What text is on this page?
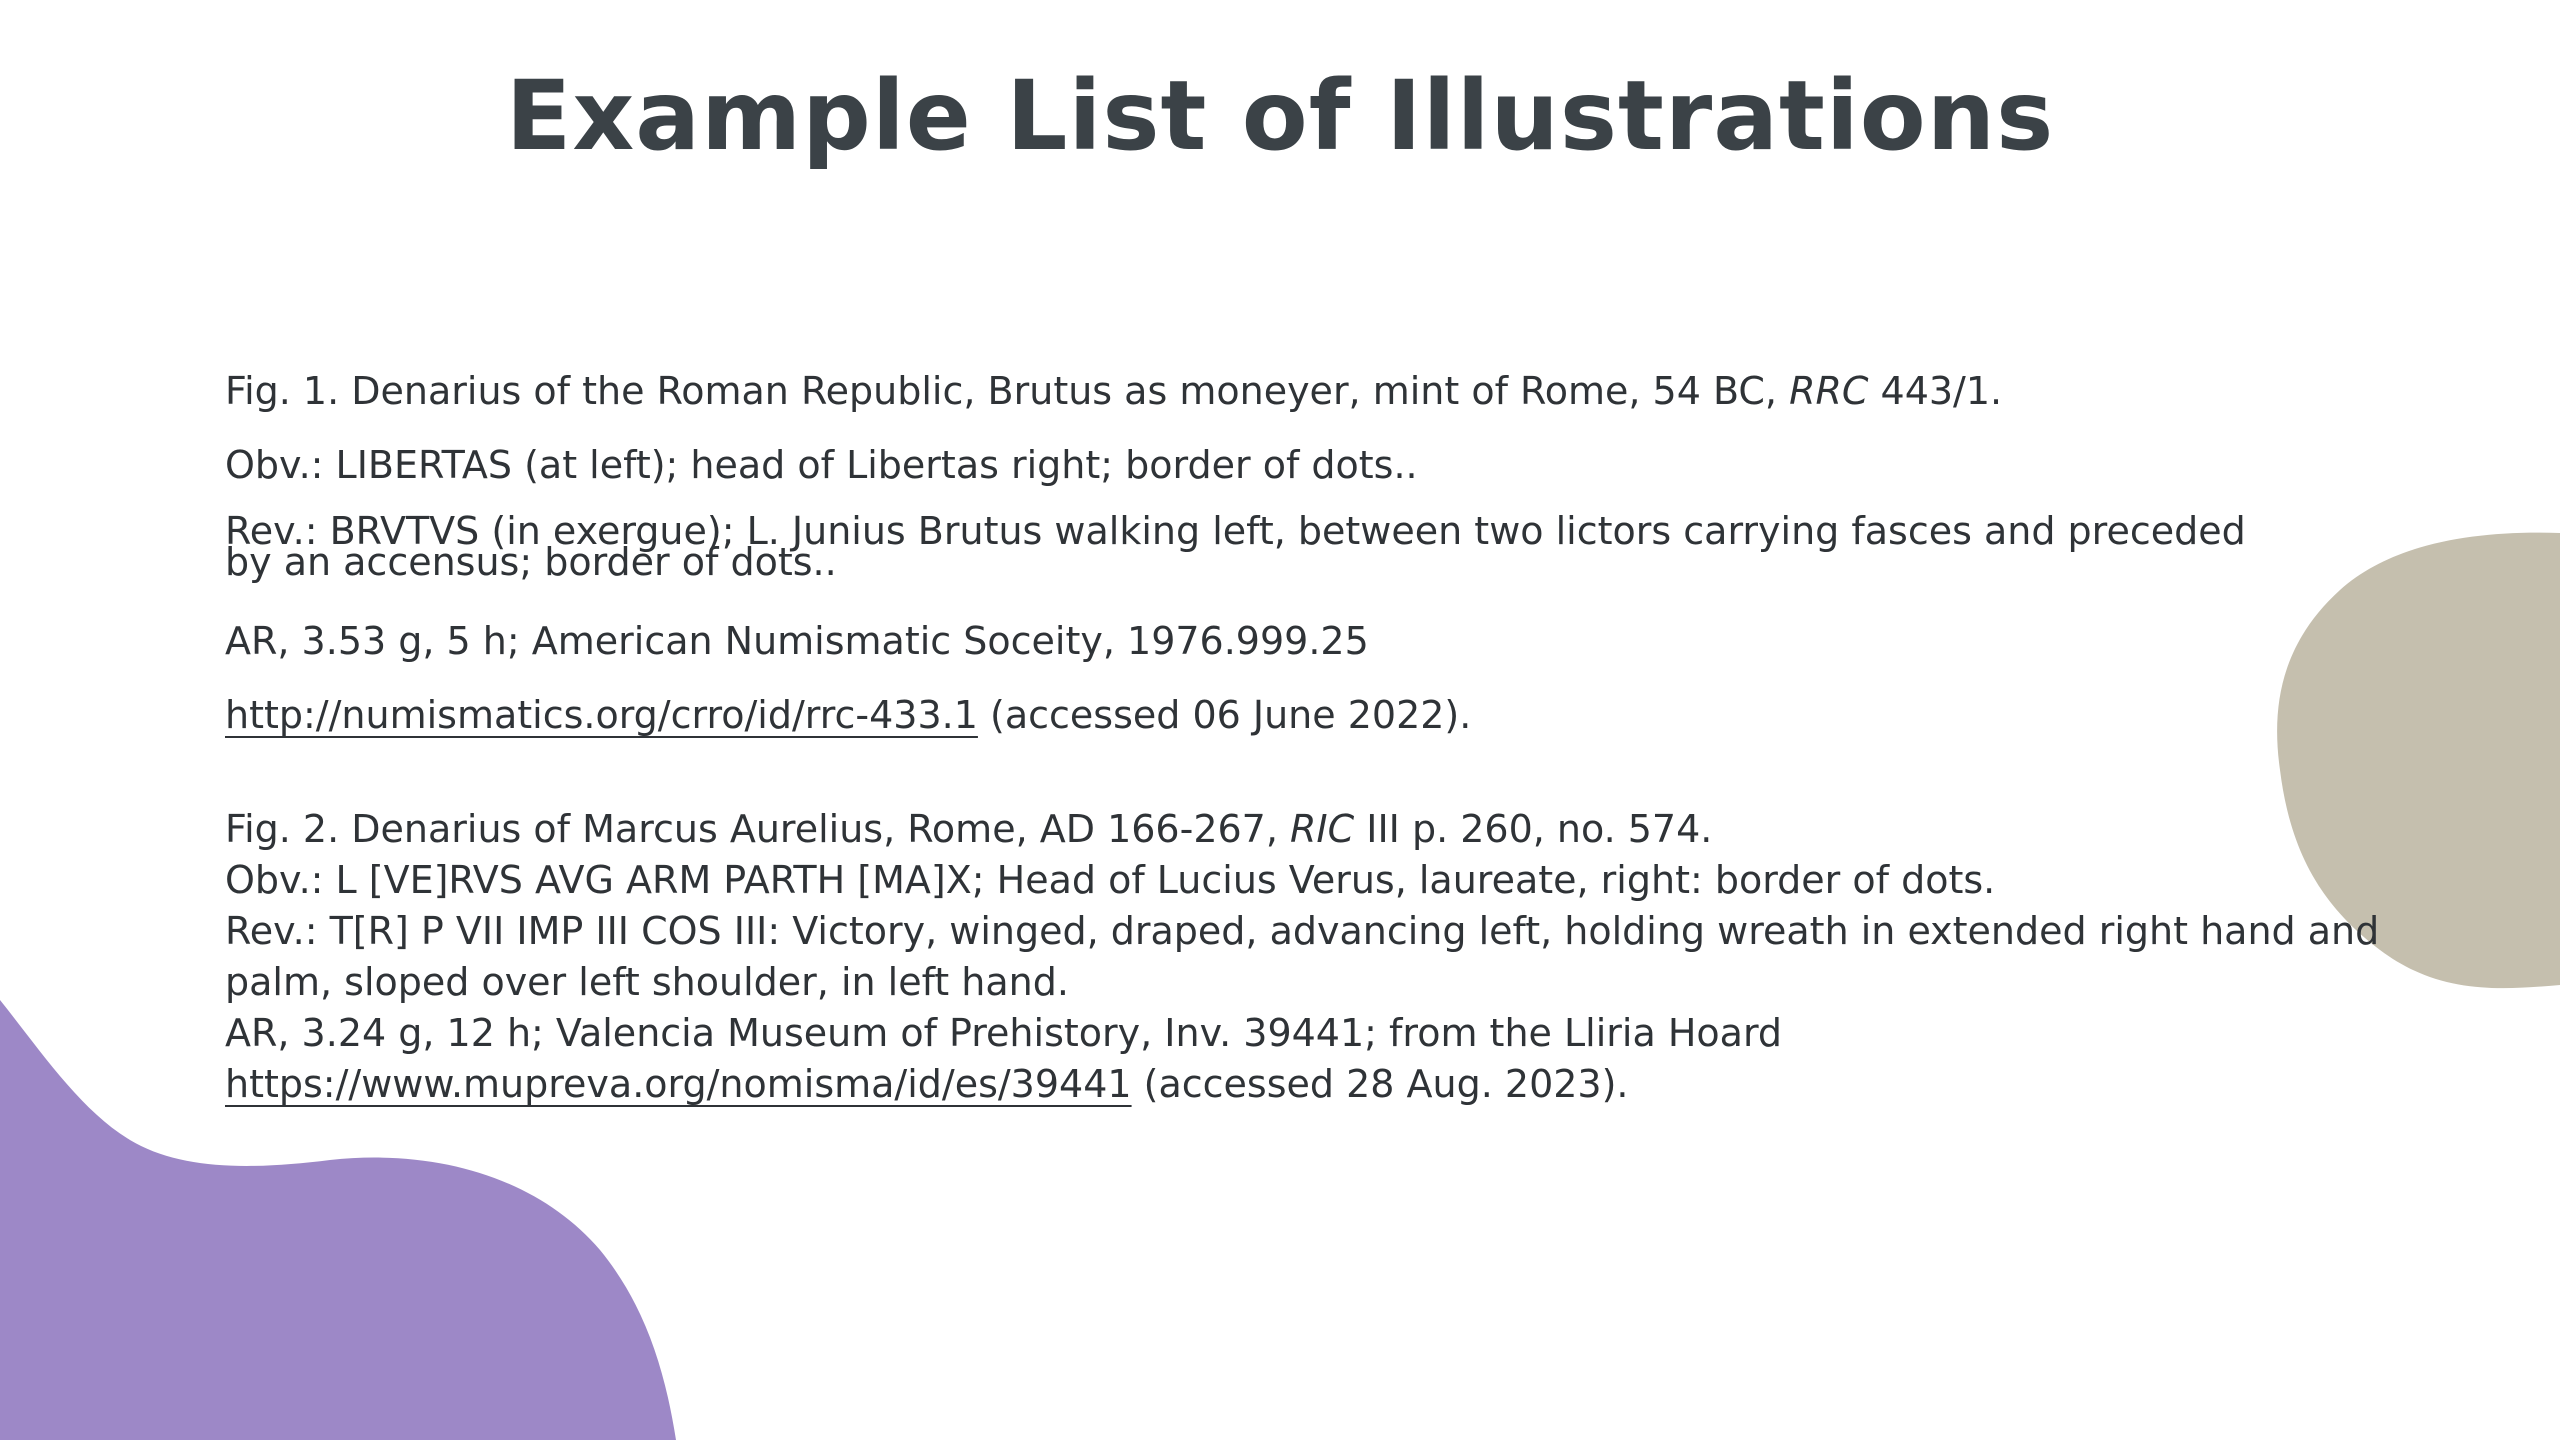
Example List of Illustrations
Fig. 1. Denarius of the Roman Republic, Brutus as moneyer, mint of Rome, 54 BC, RRC 443/1.
Obv.: LIBERTAS (at left); head of Libertas right; border of dots..
Rev.: BRVTVS (in exergue); L. Junius Brutus walking left, between two lictors carrying fasces and preceded
by an accensus; border of dots..
AR, 3.53 g, 5 h; American Numismatic Soceity, 1976.999.25
http://numismatics.org/crro/id/rrc-433.1 (accessed 06 June 2022).
Fig. 2. Denarius of Marcus Aurelius, Rome, AD 166-267, RIC III p. 260, no. 574.
Obv.: L [VE]RVS AVG ARM PARTH [MA]X; Head of Lucius Verus, laureate, right: border of dots.
Rev.: T[R] P VII IMP III COS III: Victory, winged, draped, advancing left, holding wreath in extended right hand and
palm, sloped over left shoulder, in left hand.
AR, 3.24 g, 12 h; Valencia Museum of Prehistory, Inv. 39441; from the Lliria Hoard
https://www.mupreva.org/nomisma/id/es/39441 (accessed 28 Aug. 2023).
